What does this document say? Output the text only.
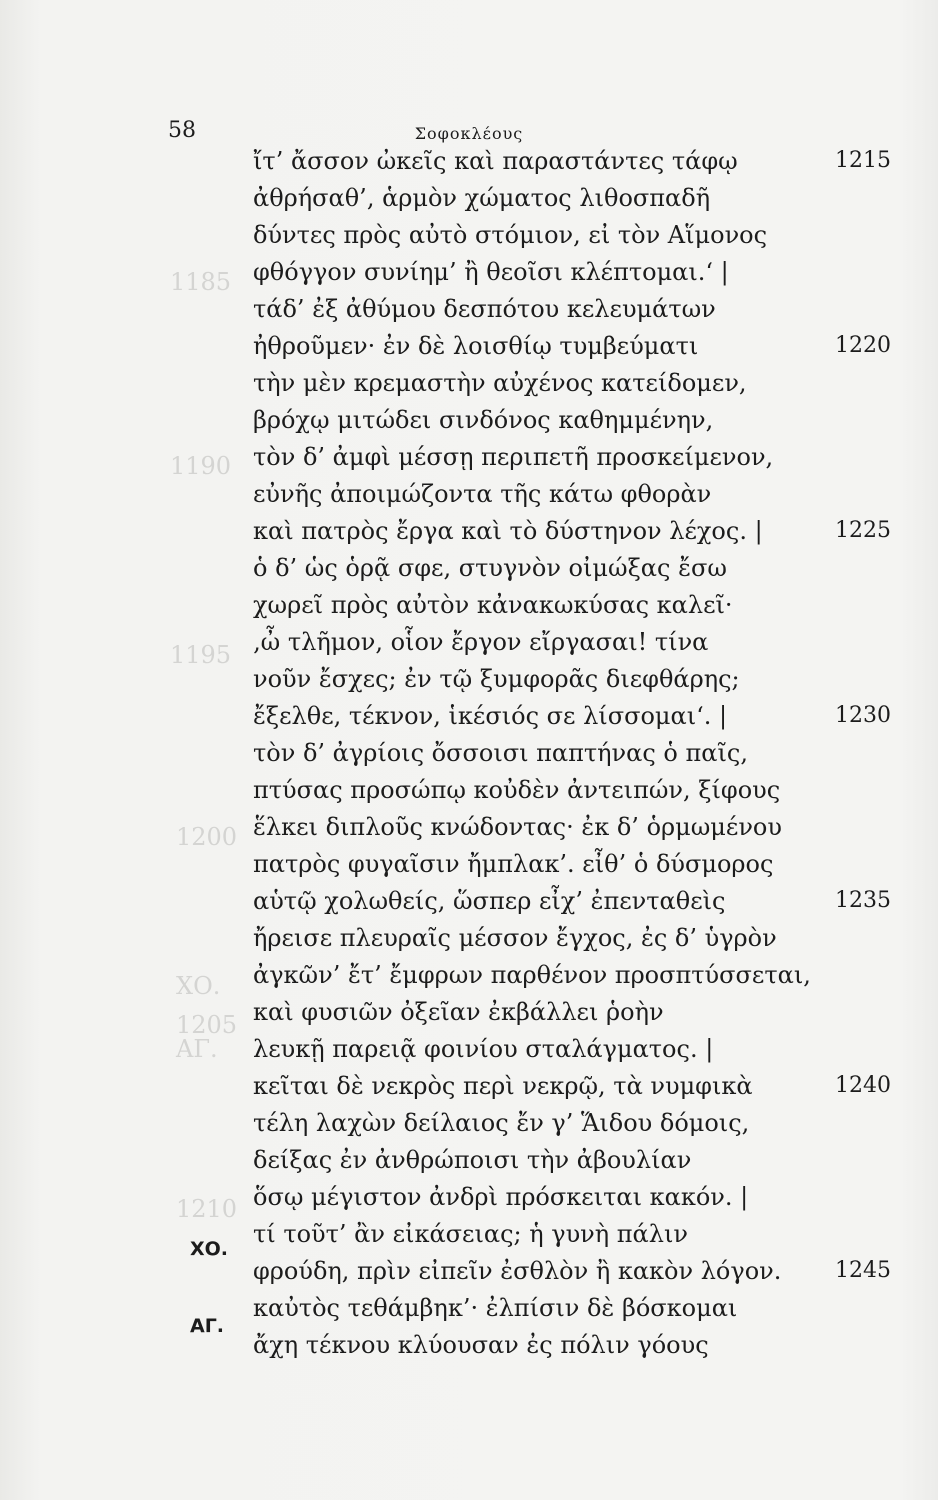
1185
1190
1195
1200
1205
1210
ΧΟ.
ΑΓ.
58	Σοφοκλέους
ἴτ’ ἄσσον ὠκεῖς καὶ παραστάντες τάφῳ
ἀθρήσαθ’, ἁρμὸν χώματος λιθοσπαδῆ
δύντες πρὸς αὐτὸ στόμιον, εἰ τὸν Αἵμονος
φθόγγον συνίημ’ ἢ θεοῖσι κλέπτομαι.‘ |
τάδ’ ἐξ ἀθύμου δεσπότου κελευμάτων
ἠθροῦμεν· ἐν δὲ λοισθίῳ τυμβεύματι
τὴν μὲν κρεμαστὴν αὐχένος κατείδομεν,
βρόχῳ μιτώδει σινδόνος καθημμένην,
τὸν δ’ ἀμφὶ μέσσῃ περιπετῆ προσκείμενον,
εὐνῆς ἀποιμώζοντα τῆς κάτω φθορὰν
καὶ πατρὸς ἔργα καὶ τὸ δύστηνον λέχος. |
ὁ δ’ ὡς ὁρᾷ σφε, στυγνὸν οἰμώξας ἔσω
χωρεῖ πρὸς αὐτὸν κἀνακωκύσας καλεῖ·
‚ὦ τλῆμον, οἷον ἔργον εἴργασαι! τίνα
νοῦν ἔσχες; ἐν τῷ ξυμφορᾶς διεφθάρης;
ἔξελθε, τέκνον, ἱκέσιός σε λίσσομαι‘. |
τὸν δ’ ἀγρίοις ὄσσοισι παπτήνας ὁ παῖς,
πτύσας προσώπῳ κοὐδὲν ἀντειπών, ξίφους
ἕλκει διπλοῦς κνώδοντας· ἐκ δ’ ὁρμωμένου
πατρὸς φυγαῖσιν ἤμπλακ’. εἶθ’ ὁ δύσμορος
αὑτῷ χολωθείς, ὥσπερ εἶχ’ ἐπενταθεὶς
ἤρεισε πλευραῖς μέσσον ἔγχος, ἐς δ’ ὑγρὸν
ἀγκῶν’ ἔτ’ ἔμφρων παρθένον προσπτύσσεται,
καὶ φυσιῶν ὀξεῖαν ἐκβάλλει ῥοὴν
λευκῇ παρειᾷ φοινίου σταλάγματος. |
κεῖται δὲ νεκρὸς περὶ νεκρῷ, τὰ νυμφικὰ
τέλη λαχὼν δείλαιος ἔν γ’ Ἅιδου δόμοις,
δείξας ἐν ἀνθρώποισι τὴν ἀβουλίαν
ὅσῳ μέγιστον ἀνδρὶ πρόσκειται κακόν. |
τί τοῦτ’ ἂν εἰκάσειας; ἡ γυνὴ πάλιν
φρούδη, πρὶν εἰπεῖν ἐσθλὸν ἢ κακὸν λόγον.
καὐτὸς τεθάμβηκ’· ἐλπίσιν δὲ βόσκομαι
ἄχη τέκνου κλύουσαν ἐς πόλιν γόους
1215
1220
1225
1230
1235
1240
1245
ΧΟ.
ΑΓ.
